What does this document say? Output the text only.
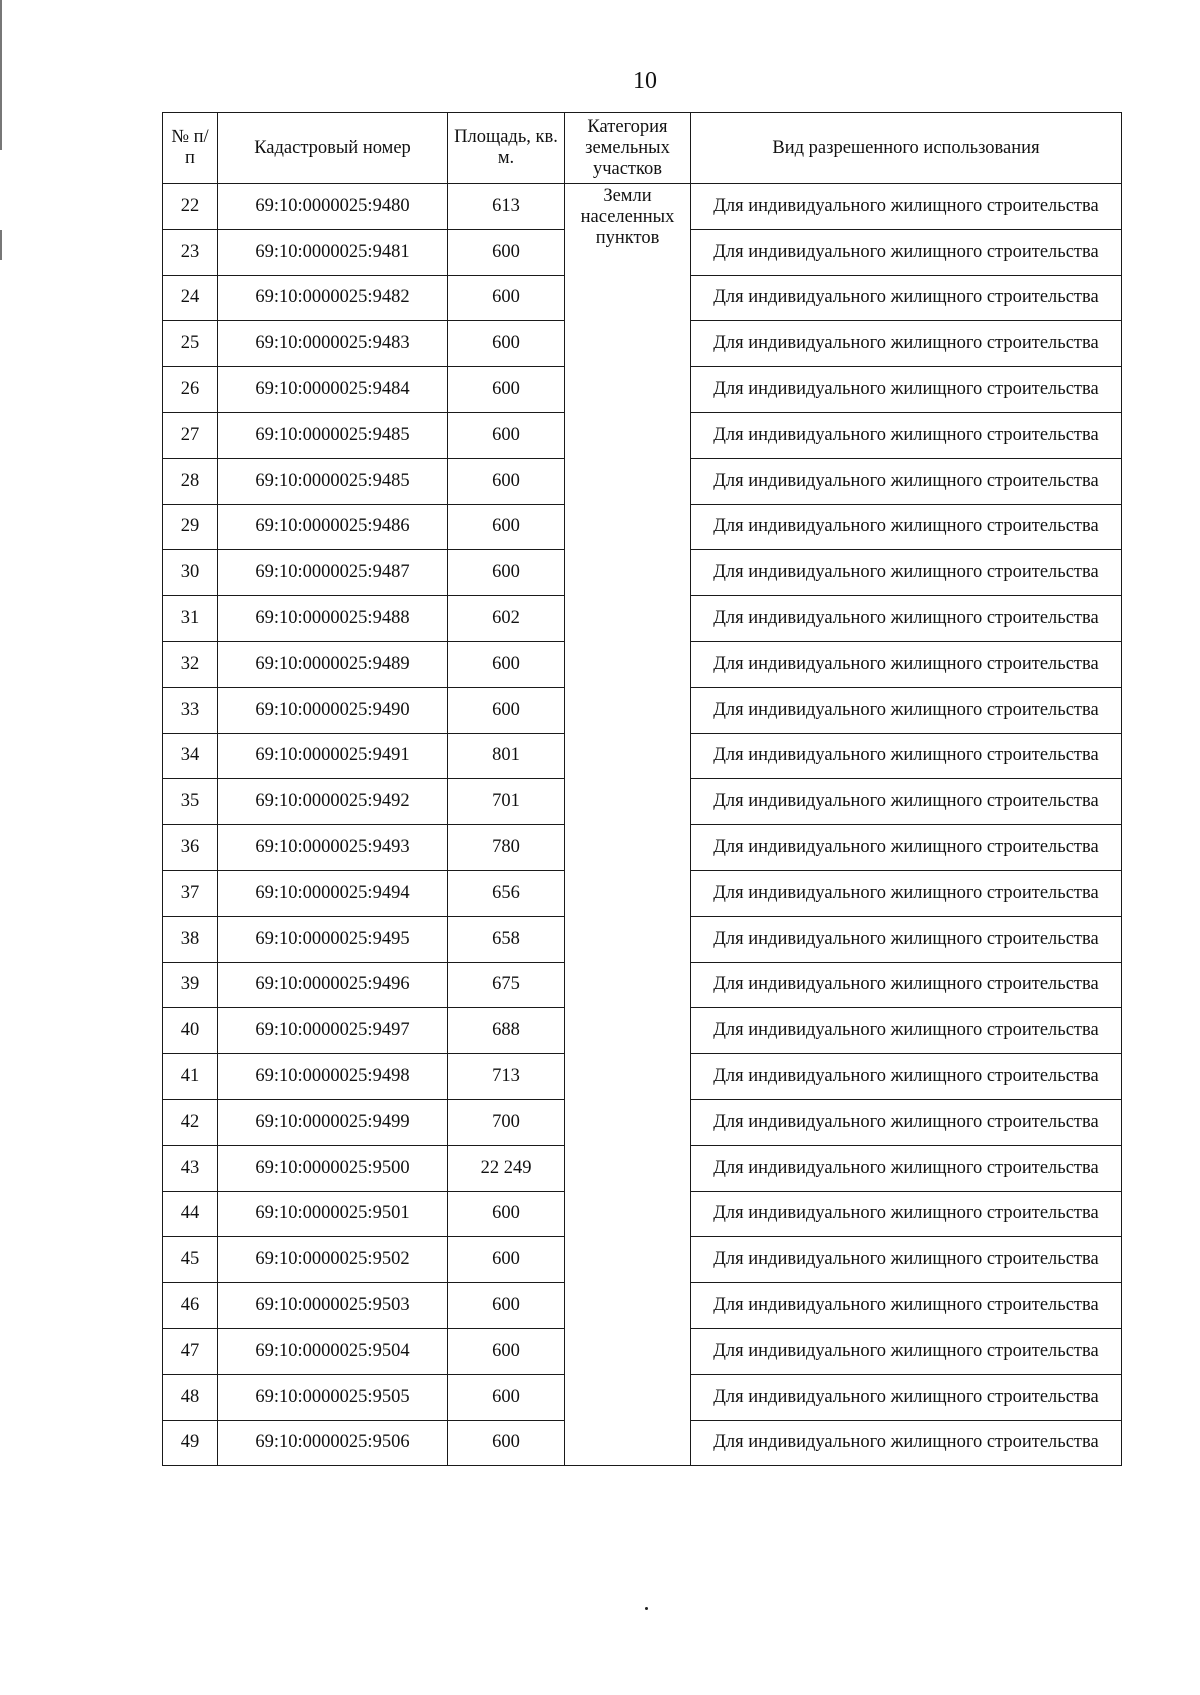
10
№ п/п	Кадастровый номер	Площадь, кв. м.	Категория земельных участков	Вид разрешенного использования
22	69:10:0000025:9480	613	Земли населенных пунктов	Для индивидуального жилищного строительства
23	69:10:0000025:9481	600		Для индивидуального жилищного строительства
24	69:10:0000025:9482	600		Для индивидуального жилищного строительства
25	69:10:0000025:9483	600		Для индивидуального жилищного строительства
26	69:10:0000025:9484	600		Для индивидуального жилищного строительства
27	69:10:0000025:9485	600		Для индивидуального жилищного строительства
28	69:10:0000025:9485	600		Для индивидуального жилищного строительства
29	69:10:0000025:9486	600		Для индивидуального жилищного строительства
30	69:10:0000025:9487	600		Для индивидуального жилищного строительства
31	69:10:0000025:9488	602		Для индивидуального жилищного строительства
32	69:10:0000025:9489	600		Для индивидуального жилищного строительства
33	69:10:0000025:9490	600		Для индивидуального жилищного строительства
34	69:10:0000025:9491	801		Для индивидуального жилищного строительства
35	69:10:0000025:9492	701		Для индивидуального жилищного строительства
36	69:10:0000025:9493	780		Для индивидуального жилищного строительства
37	69:10:0000025:9494	656		Для индивидуального жилищного строительства
38	69:10:0000025:9495	658		Для индивидуального жилищного строительства
39	69:10:0000025:9496	675		Для индивидуального жилищного строительства
40	69:10:0000025:9497	688		Для индивидуального жилищного строительства
41	69:10:0000025:9498	713		Для индивидуального жилищного строительства
42	69:10:0000025:9499	700		Для индивидуального жилищного строительства
43	69:10:0000025:9500	22 249		Для индивидуального жилищного строительства
44	69:10:0000025:9501	600		Для индивидуального жилищного строительства
45	69:10:0000025:9502	600		Для индивидуального жилищного строительства
46	69:10:0000025:9503	600		Для индивидуального жилищного строительства
47	69:10:0000025:9504	600		Для индивидуального жилищного строительства
48	69:10:0000025:9505	600		Для индивидуального жилищного строительства
49	69:10:0000025:9506	600		Для индивидуального жилищного строительства
